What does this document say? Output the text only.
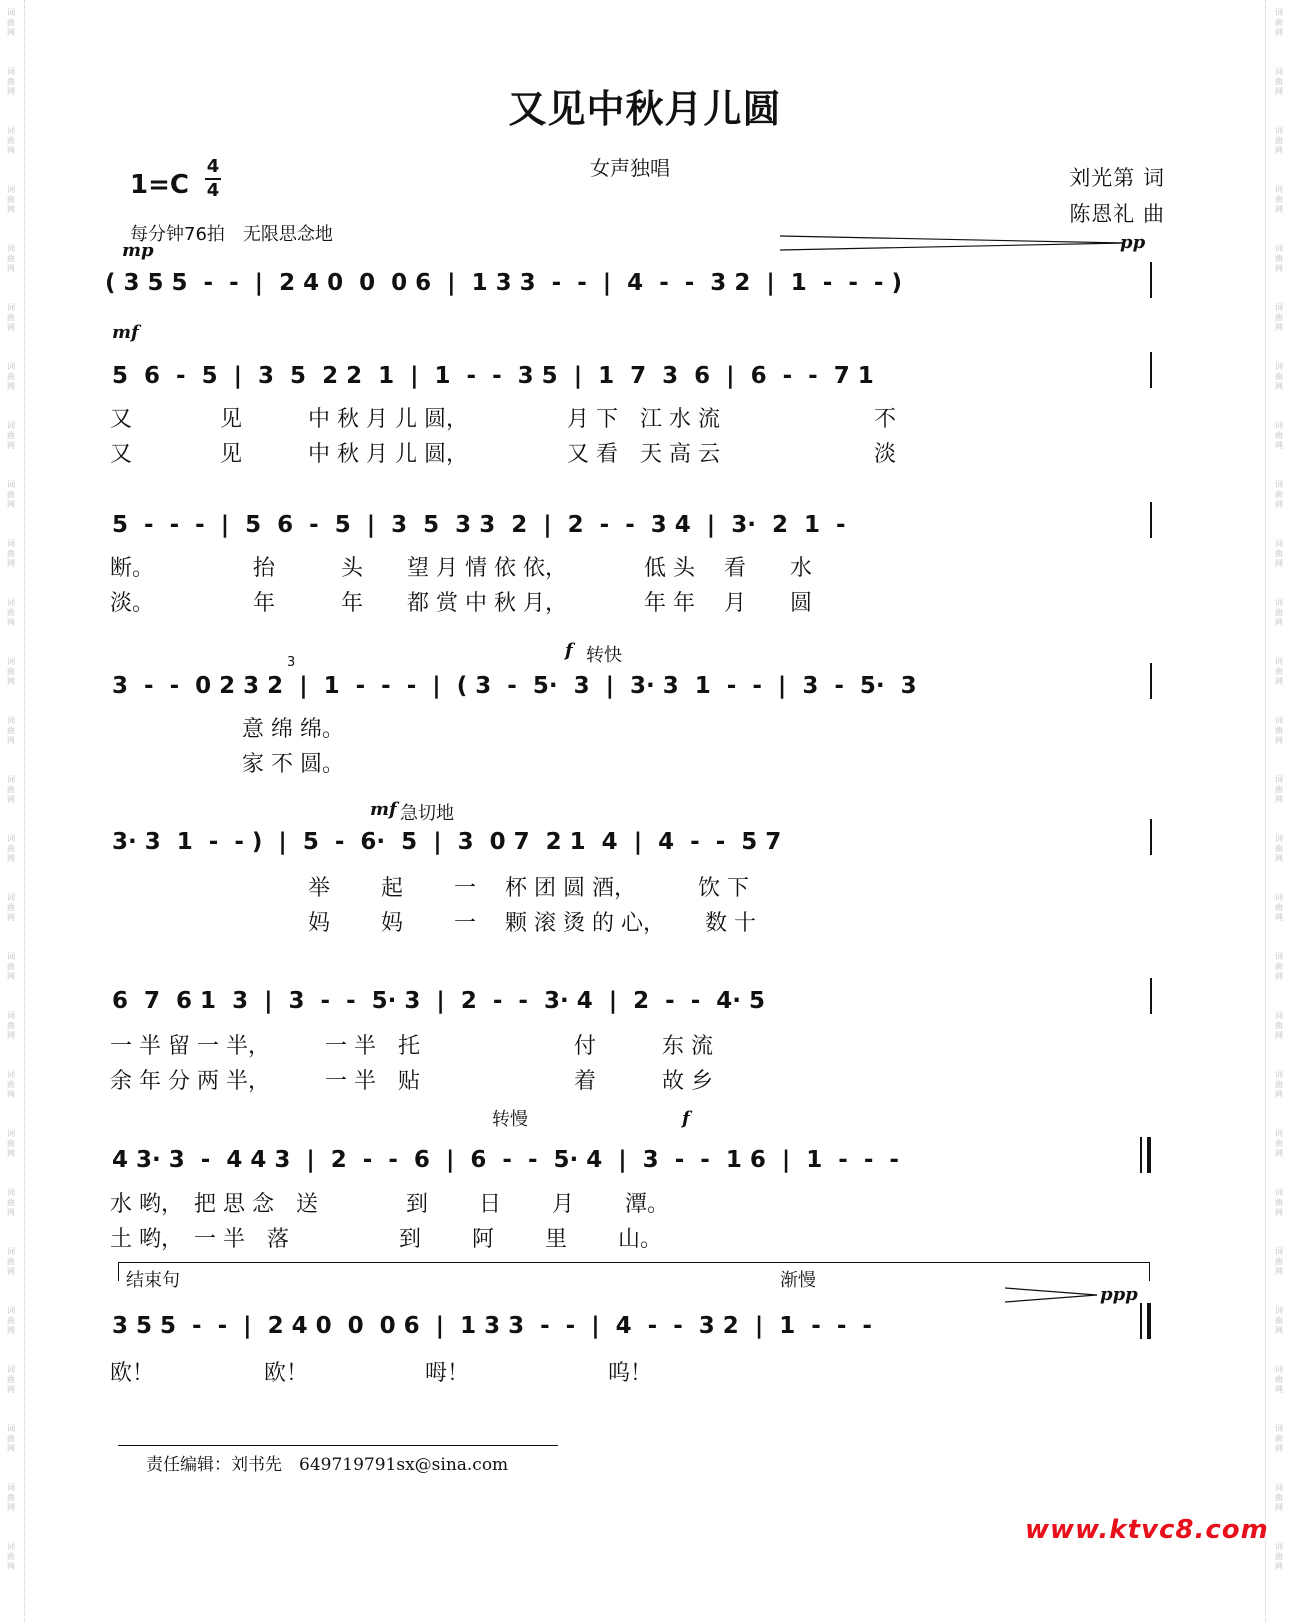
词
曲
网
词
曲
网
词
曲
网
词
曲
网
词
曲
网
词
曲
网
词
曲
网
词
曲
网
词
曲
网
词
曲
网
词
曲
网
词
曲
网
词
曲
网
词
曲
网
词
曲
网
词
曲
网
词
曲
网
词
曲
网
词
曲
网
词
曲
网
词
曲
网
词
曲
网
词
曲
网
词
曲
网
词
曲
网
词
曲
网
词
曲
网
词
曲
网
词
曲
网
词
曲
网
词
曲
网
词
曲
网
词
曲
网
词
曲
网
词
曲
网
词
曲
网
词
曲
网
词
曲
网
词
曲
网
词
曲
网
词
曲
网
词
曲
网
词
曲
网
词
曲
网
词
曲
网
词
曲
网
词
曲
网
词
曲
网
词
曲
网
词
曲
网
词
曲
网
词
曲
网
词
曲
网
词
曲
网
又见中秋月儿圆
女声独唱	刘光第 词
陈恩礼 曲
1=C
4
4
每分钟76拍　无限思念地
mp	pp
( 3 5 5  -  -  |  2 4 0  0  0 6  |  1 3 3  -  -  |  4  -  -  3 2  |  1  -  -  - )
mf
5  6  -  5  |  3  5  2 2  1  |  1  -  -  3 5  |  1  7  3  6  |  6  -  -  7 1
又　　　　见　　　中 秋 月 儿 圆，　　　　　月 下　江 水 流　　　　　　　不
又　　　　见　　　中 秋 月 儿 圆，　　　　　又 看　天 高 云　　　　　　　淡
5  -  -  -  |  5  6  -  5  |  3  5  3 3  2  |  2  -  -  3 4  |  3·  2  1  -
断。　　　　　抬　　　头　　望 月 情 依 依，　　　　低 头　 看　　水
淡。　　　　　年　　　年　　都 赏 中 秋 月，　　　　年 年　 月　　圆
f 转快
3
3  -  -  0 2 3 2  |  1  -  -  -  |  ( 3  -  5·  3  |  3· 3  1  -  -  |  3  -  5·  3
　　　　　　意 绵 绵。
　　　　　　家 不 圆。
mf 急切地
3· 3  1  -  - )  |  5  -  6·  5  |  3  0 7  2 1  4  |  4  -  -  5 7
　　　　　　　　　举　　 起　　 一　 杯 团 圆 酒，　　　 饮 下
　　　　　　　　　妈　　 妈　　 一　 颗 滚 烫 的 心，　　 数 十
6  7  6 1  3  |  3  -  -  5· 3  |  2  -  -  3· 4  |  2  -  -  4· 5
一 半 留 一 半，　　　一 半　托　　　　　　　付　　　东 流
余 年 分 两 半，　　　一 半　贴　　　　　　　着　　　故 乡
转慢	f
4 3· 3  -  4 4 3  |  2  -  -  6  |  6  -  -  5· 4  |  3  -  -  1 6  |  1  -  -  -
水 哟，　把 思 念　送　　　　到　　 日　　 月　　 潭。
土 哟，　一 半　落　　　　　到　　 阿　　 里　　 山。
结束句	渐慢
ppp
3 5 5  -  -  |  2 4 0  0  0 6  |  1 3 3  -  -  |  4  -  -  3 2  |  1  -  -  -
欧！　　　　　欧！　　　　　 呣！　　　　　　 呜！
责任编辑：刘书先　649719791sx@sina.com
www.ktvc8.com
